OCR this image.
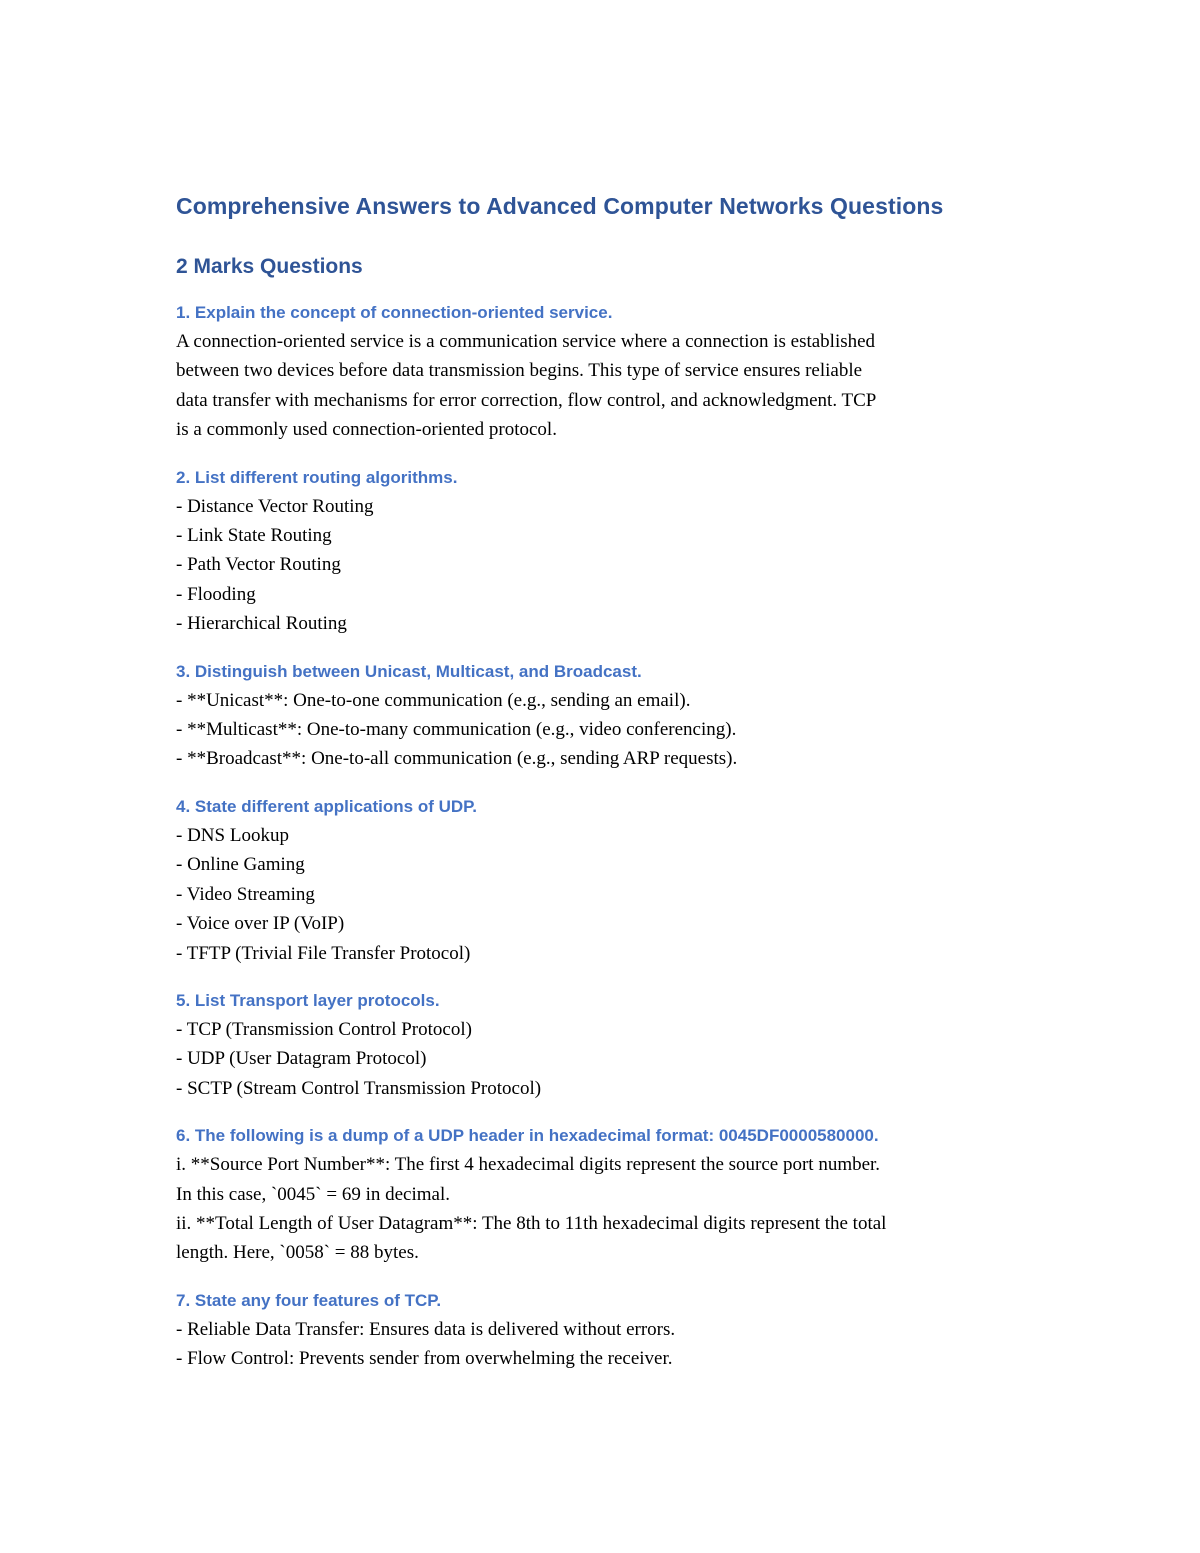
Comprehensive Answers to Advanced Computer Networks Questions
2 Marks Questions
1. Explain the concept of connection-oriented service.

A connection-oriented service is a communication service where a connection is established

between two devices before data transmission begins. This type of service ensures reliable

data transfer with mechanisms for error correction, flow control, and acknowledgment. TCP

is a commonly used connection-oriented protocol.

2. List different routing algorithms.

- Distance Vector Routing

- Link State Routing

- Path Vector Routing

- Flooding

- Hierarchical Routing

3. Distinguish between Unicast, Multicast, and Broadcast.

- **Unicast**: One-to-one communication (e.g., sending an email).

- **Multicast**: One-to-many communication (e.g., video conferencing).

- **Broadcast**: One-to-all communication (e.g., sending ARP requests).

4. State different applications of UDP.

- DNS Lookup

- Online Gaming

- Video Streaming

- Voice over IP (VoIP)

- TFTP (Trivial File Transfer Protocol)

5. List Transport layer protocols.

- TCP (Transmission Control Protocol)

- UDP (User Datagram Protocol)

- SCTP (Stream Control Transmission Protocol)

6. The following is a dump of a UDP header in hexadecimal format: 0045DF0000580000.

i. **Source Port Number**: The first 4 hexadecimal digits represent the source port number.

In this case, `0045` = 69 in decimal.

ii. **Total Length of User Datagram**: The 8th to 11th hexadecimal digits represent the total

length. Here, `0058` = 88 bytes.

7. State any four features of TCP.

- Reliable Data Transfer: Ensures data is delivered without errors.

- Flow Control: Prevents sender from overwhelming the receiver.
